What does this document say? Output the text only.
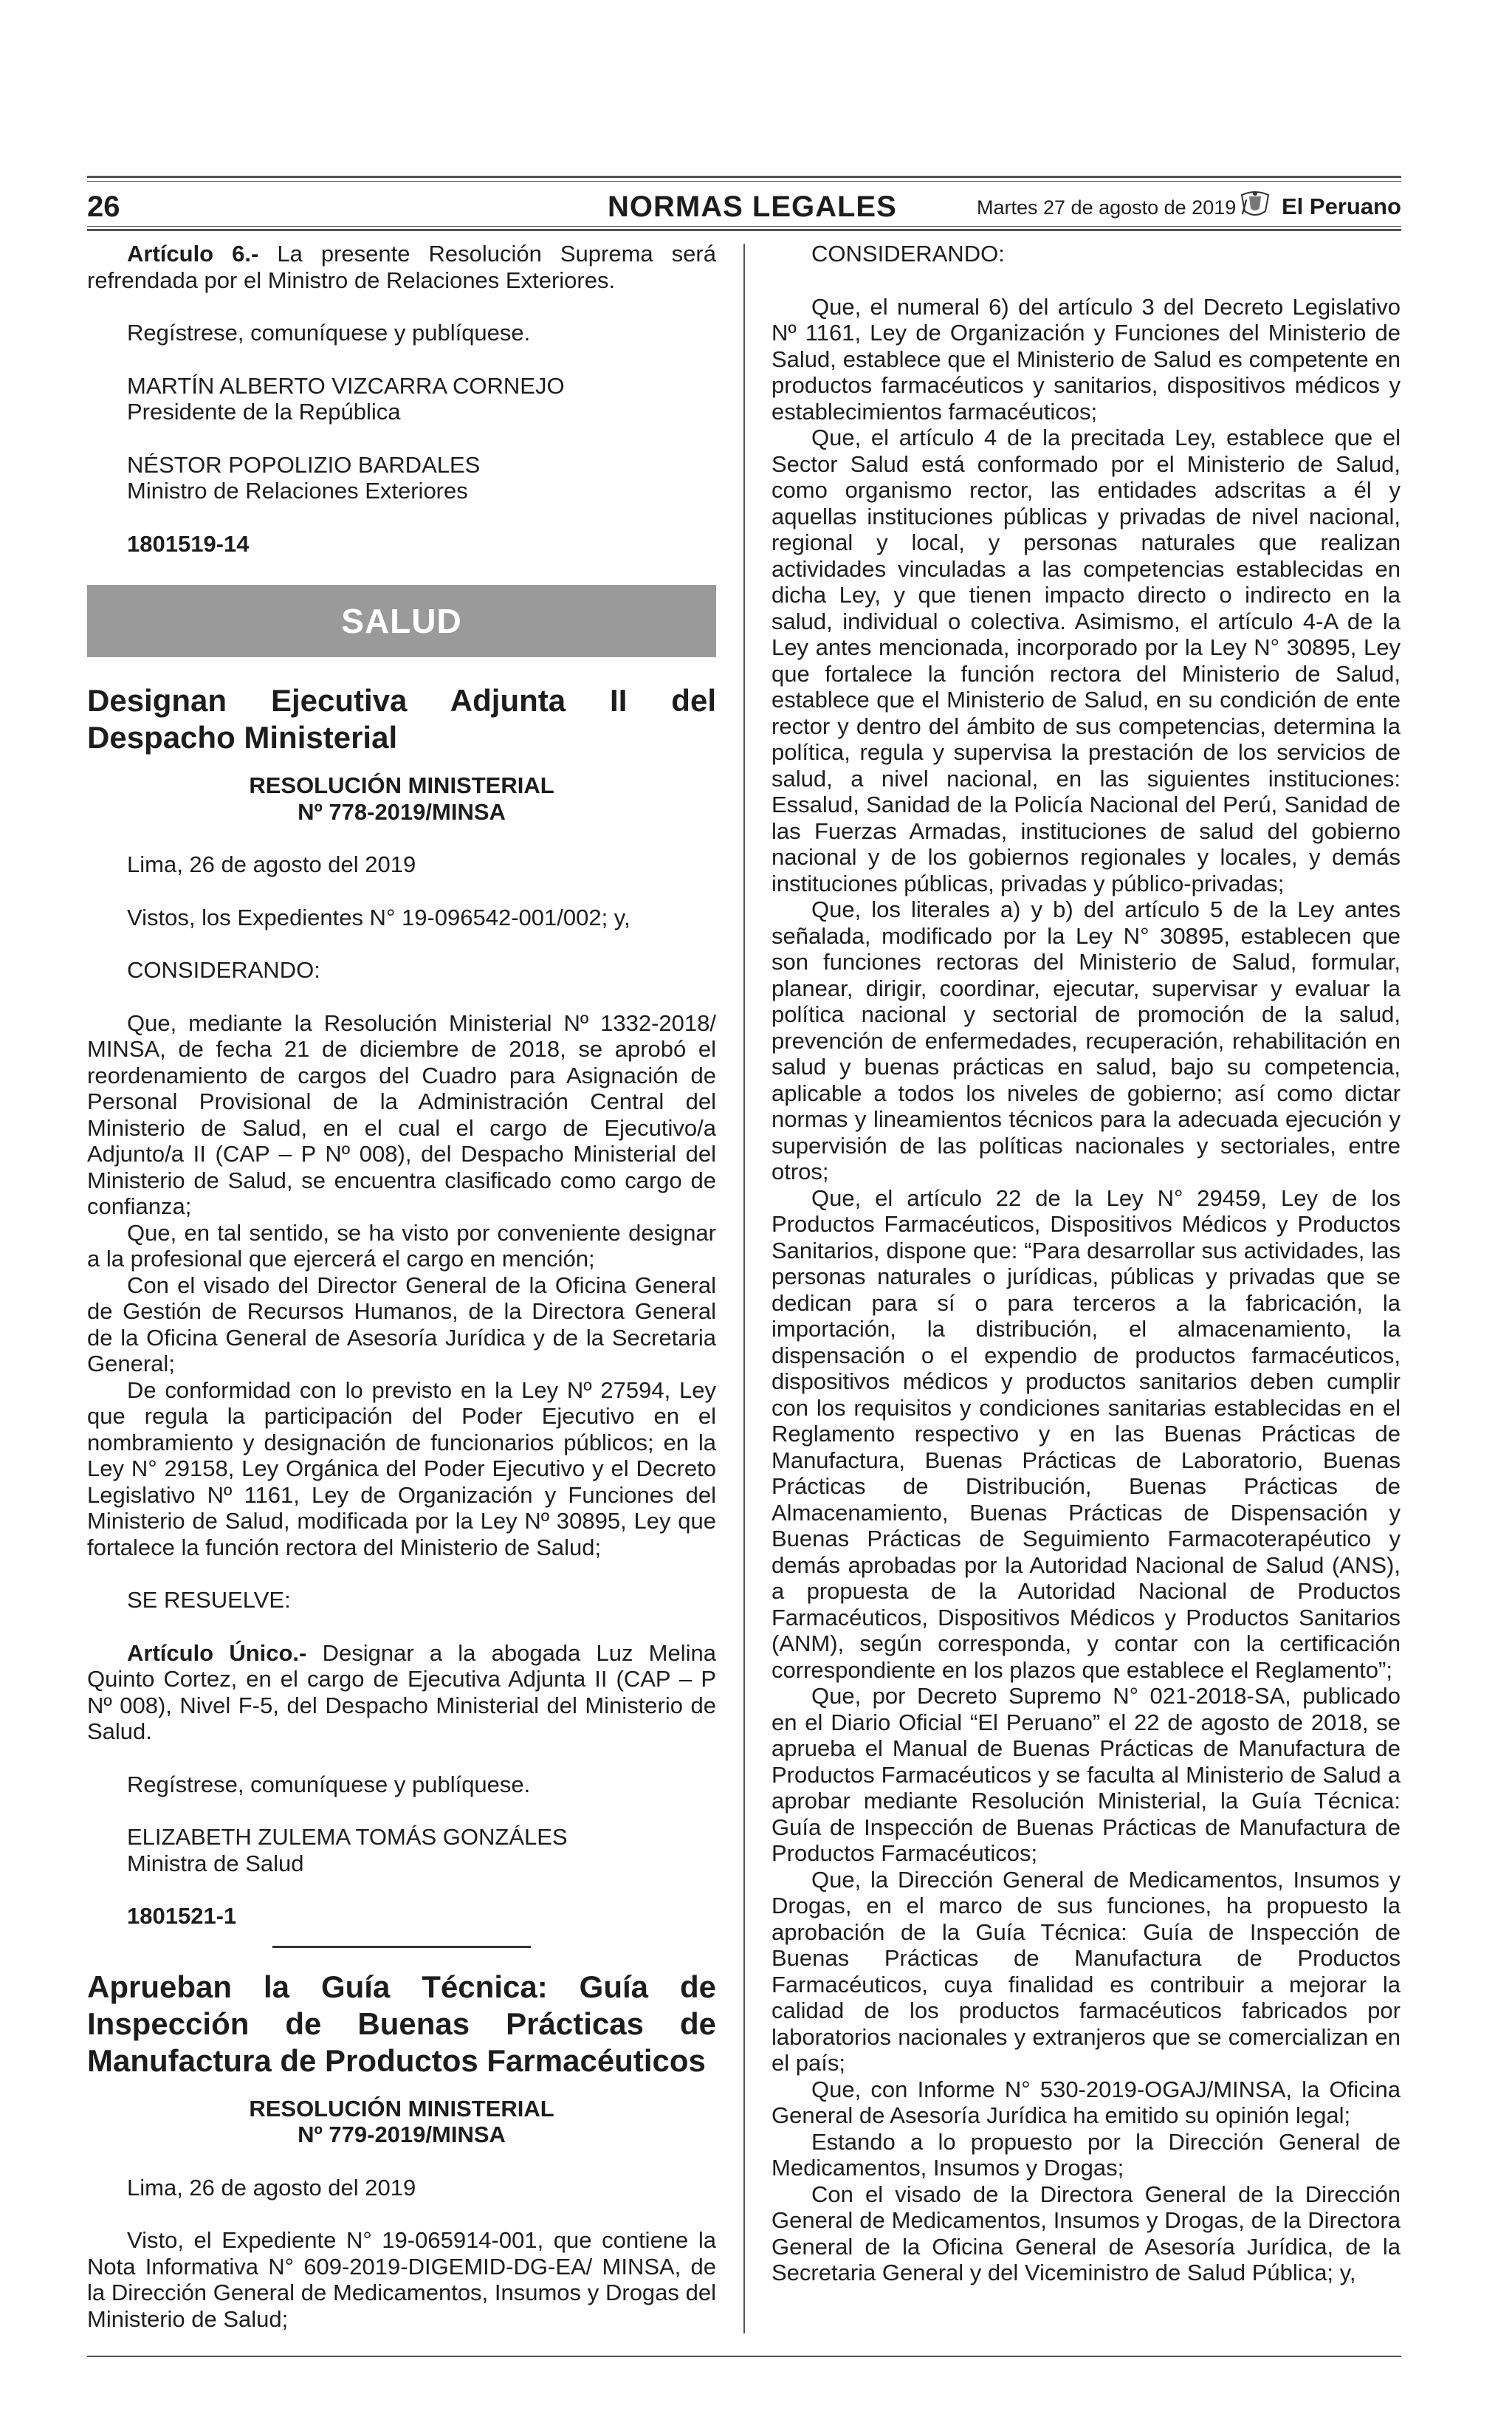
26	NORMAS LEGALES	Martes 27 de agosto de 2019 / El Peruano

Artículo 6.- La presente Resolución Suprema será refrendada por el Ministro de Relaciones Exteriores.

Regístrese, comuníquese y publíquese.

MARTÍN ALBERTO VIZCARRA CORNEJO

Presidente de la República

NÉSTOR POPOLIZIO BARDALES

Ministro de Relaciones Exteriores

1801519-14

SALUD

Designan Ejecutiva Adjunta II del Despacho Ministerial

RESOLUCIÓN MINISTERIAL

Nº 778-2019/MINSA

Lima, 26 de agosto del 2019

Vistos, los Expedientes N° 19-096542-001/002; y,

CONSIDERANDO:

Que, mediante la Resolución Ministerial Nº 1332-2018/ MINSA, de fecha 21 de diciembre de 2018, se aprobó el reordenamiento de cargos del Cuadro para Asignación de Personal Provisional de la Administración Central del Ministerio de Salud, en el cual el cargo de Ejecutivo/a Adjunto/a II (CAP – P Nº 008), del Despacho Ministerial del Ministerio de Salud, se encuentra clasificado como cargo de confianza;

Que, en tal sentido, se ha visto por conveniente designar a la profesional que ejercerá el cargo en mención;

Con el visado del Director General de la Oficina General de Gestión de Recursos Humanos, de la Directora General de la Oficina General de Asesoría Jurídica y de la Secretaria General;

De conformidad con lo previsto en la Ley Nº 27594, Ley que regula la participación del Poder Ejecutivo en el nombramiento y designación de funcionarios públicos; en la Ley N° 29158, Ley Orgánica del Poder Ejecutivo y el Decreto Legislativo Nº 1161, Ley de Organización y Funciones del Ministerio de Salud, modificada por la Ley Nº 30895, Ley que fortalece la función rectora del Ministerio de Salud;

SE RESUELVE:

Artículo Único.- Designar a la abogada Luz Melina Quinto Cortez, en el cargo de Ejecutiva Adjunta II (CAP – P Nº 008), Nivel F-5, del Despacho Ministerial del Ministerio de Salud.

Regístrese, comuníquese y publíquese.

ELIZABETH ZULEMA TOMÁS GONZÁLES

Ministra de Salud

1801521-1

Aprueban la Guía Técnica: Guía de Inspección de Buenas Prácticas de Manufactura de Productos Farmacéuticos

RESOLUCIÓN MINISTERIAL

Nº 779-2019/MINSA

Lima, 26 de agosto del 2019

Visto, el Expediente N° 19-065914-001, que contiene la Nota Informativa N° 609-2019-DIGEMID-DG-EA/ MINSA, de la Dirección General de Medicamentos, Insumos y Drogas del Ministerio de Salud;

CONSIDERANDO:

Que, el numeral 6) del artículo 3 del Decreto Legislativo Nº 1161, Ley de Organización y Funciones del Ministerio de Salud, establece que el Ministerio de Salud es competente en productos farmacéuticos y sanitarios, dispositivos médicos y establecimientos farmacéuticos;

Que, el artículo 4 de la precitada Ley, establece que el Sector Salud está conformado por el Ministerio de Salud, como organismo rector, las entidades adscritas a él y aquellas instituciones públicas y privadas de nivel nacional, regional y local, y personas naturales que realizan actividades vinculadas a las competencias establecidas en dicha Ley, y que tienen impacto directo o indirecto en la salud, individual o colectiva. Asimismo, el artículo 4-A de la Ley antes mencionada, incorporado por la Ley N° 30895, Ley que fortalece la función rectora del Ministerio de Salud, establece que el Ministerio de Salud, en su condición de ente rector y dentro del ámbito de sus competencias, determina la política, regula y supervisa la prestación de los servicios de salud, a nivel nacional, en las siguientes instituciones: Essalud, Sanidad de la Policía Nacional del Perú, Sanidad de las Fuerzas Armadas, instituciones de salud del gobierno nacional y de los gobiernos regionales y locales, y demás instituciones públicas, privadas y público-privadas;

Que, los literales a) y b) del artículo 5 de la Ley antes señalada, modificado por la Ley N° 30895, establecen que son funciones rectoras del Ministerio de Salud, formular, planear, dirigir, coordinar, ejecutar, supervisar y evaluar la política nacional y sectorial de promoción de la salud, prevención de enfermedades, recuperación, rehabilitación en salud y buenas prácticas en salud, bajo su competencia, aplicable a todos los niveles de gobierno; así como dictar normas y lineamientos técnicos para la adecuada ejecución y supervisión de las políticas nacionales y sectoriales, entre otros;

Que, el artículo 22 de la Ley N° 29459, Ley de los Productos Farmacéuticos, Dispositivos Médicos y Productos Sanitarios, dispone que: “Para desarrollar sus actividades, las personas naturales o jurídicas, públicas y privadas que se dedican para sí o para terceros a la fabricación, la importación, la distribución, el almacenamiento, la dispensación o el expendio de productos farmacéuticos, dispositivos médicos y productos sanitarios deben cumplir con los requisitos y condiciones sanitarias establecidas en el Reglamento respectivo y en las Buenas Prácticas de Manufactura, Buenas Prácticas de Laboratorio, Buenas Prácticas de Distribución, Buenas Prácticas de Almacenamiento, Buenas Prácticas de Dispensación y Buenas Prácticas de Seguimiento Farmacoterapéutico y demás aprobadas por la Autoridad Nacional de Salud (ANS), a propuesta de la Autoridad Nacional de Productos Farmacéuticos, Dispositivos Médicos y Productos Sanitarios (ANM), según corresponda, y contar con la certificación correspondiente en los plazos que establece el Reglamento”;

Que, por Decreto Supremo N° 021-2018-SA, publicado en el Diario Oficial “El Peruano” el 22 de agosto de 2018, se aprueba el Manual de Buenas Prácticas de Manufactura de Productos Farmacéuticos y se faculta al Ministerio de Salud a aprobar mediante Resolución Ministerial, la Guía Técnica: Guía de Inspección de Buenas Prácticas de Manufactura de Productos Farmacéuticos;

Que, la Dirección General de Medicamentos, Insumos y Drogas, en el marco de sus funciones, ha propuesto la aprobación de la Guía Técnica: Guía de Inspección de Buenas Prácticas de Manufactura de Productos Farmacéuticos, cuya finalidad es contribuir a mejorar la calidad de los productos farmacéuticos fabricados por laboratorios nacionales y extranjeros que se comercializan en el país;

Que, con Informe N° 530-2019-OGAJ/MINSA, la Oficina General de Asesoría Jurídica ha emitido su opinión legal;

Estando a lo propuesto por la Dirección General de Medicamentos, Insumos y Drogas;

Con el visado de la Directora General de la Dirección General de Medicamentos, Insumos y Drogas, de la Directora General de la Oficina General de Asesoría Jurídica, de la Secretaria General y del Viceministro de Salud Pública; y,
